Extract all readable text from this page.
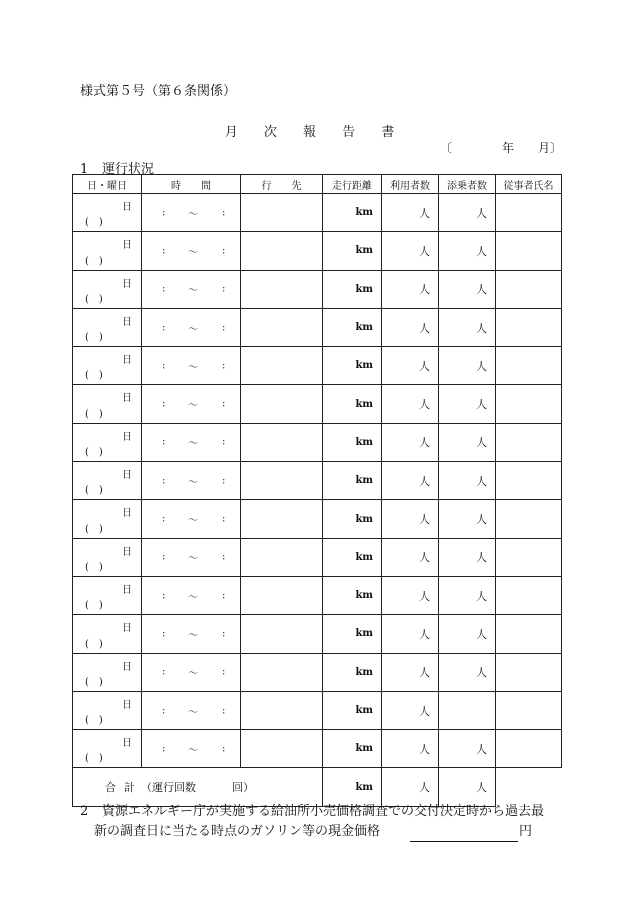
様式第５号（第６条関係）
月 次 報 告 書
〔	年 月〕
1 運行状況
日・曜日	時　　間	行　　先	走行距離	利用者数	添乗者数	従事者氏名

日
(　)	: 〜 :		km	人	人	

日
(　)	: 〜 :		km	人	人	

日
(　)	: 〜 :		km	人	人	

日
(　)	: 〜 :		km	人	人	

日
(　)	: 〜 :		km	人	人	

日
(　)	: 〜 :		km	人	人	

日
(　)	: 〜 :		km	人	人	

日
(　)	: 〜 :		km	人	人	

日
(　)	: 〜 :		km	人	人	

日
(　)	: 〜 :		km	人	人	

日
(　)	: 〜 :		km	人	人	

日
(　)	: 〜 :		km	人	人	

日
(　)	: 〜 :		km	人	人	

日
(　)	: 〜 :		km	人		

日
(　)	: 〜 :		km	人	人	
合 計 （運行回数 回）			km	人	人	
2 資源エネルギー庁が実施する給油所小売価格調査での交付決定時から過去最
新の調査日に当たる時点のガソリン等の現金価格	円
